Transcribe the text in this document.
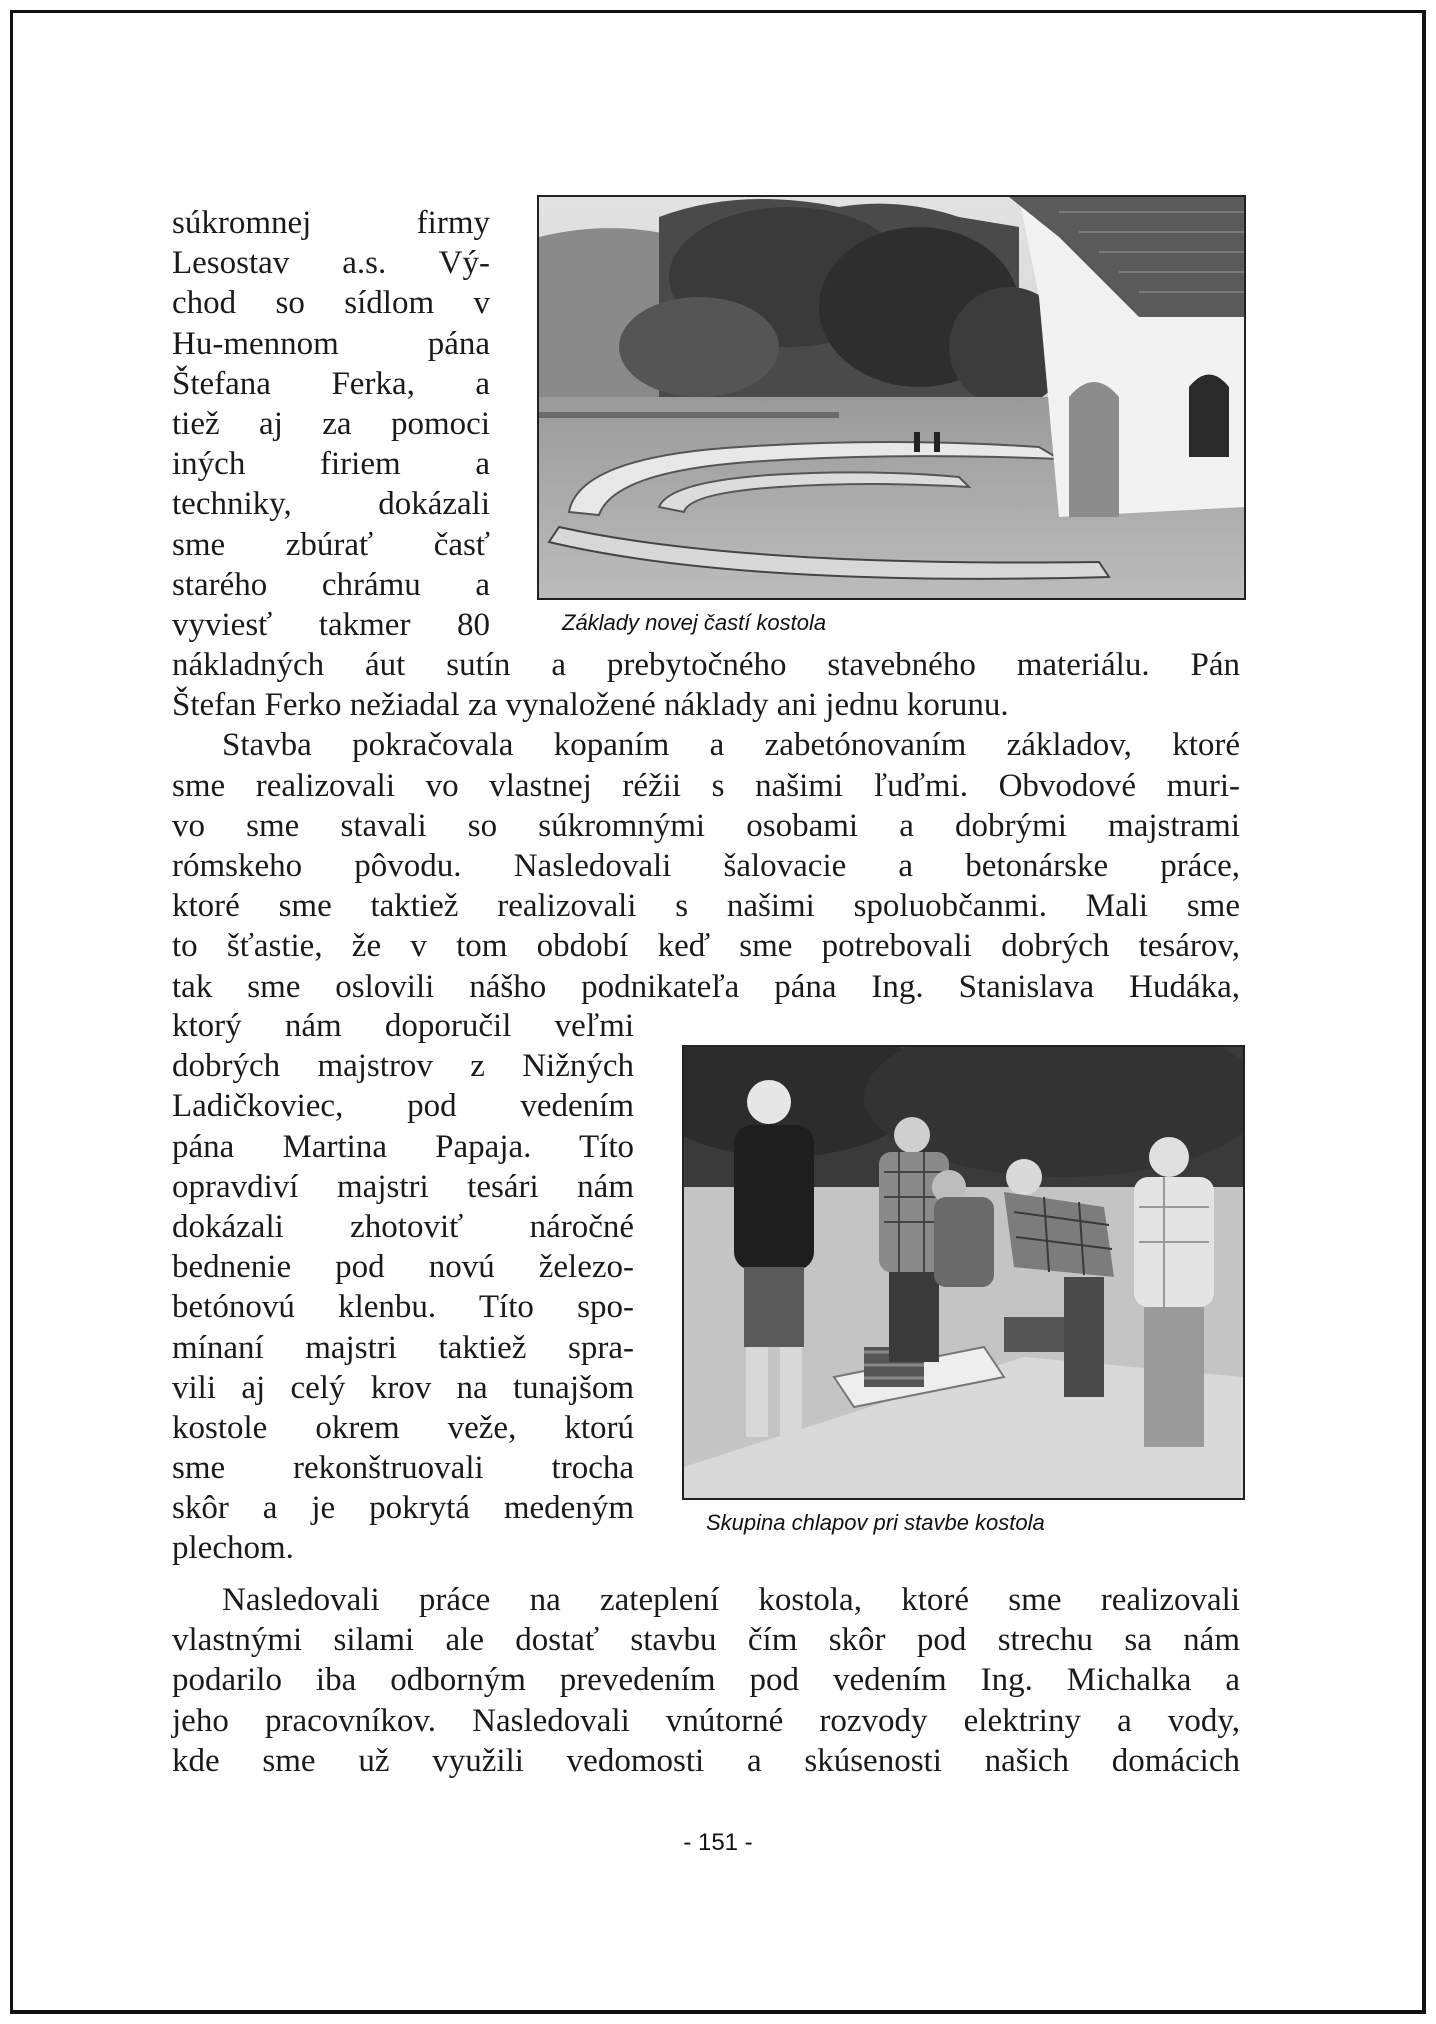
súkromnej firmy
Lesostav a.s. Vý-
chod so sídlom v
Hu-mennom pána
Štefana Ferka, a
tiež aj za pomoci
iných firiem a
techniky, dokázali
sme zbúrať časť
starého chrámu a
vyviesť takmer 80	Základy novej častí kostola
nákladných áut sutín a prebytočného stavebného materiálu. Pán
Štefan Ferko nežiadal za vynaložené náklady ani jednu korunu.
Stavba pokračovala kopaním a zabetónovaním základov, ktoré
sme realizovali vo vlastnej réžii s našimi ľuďmi. Obvodové muri-
vo sme stavali so súkromnými osobami a dobrými majstrami
rómskeho pôvodu. Nasledovali šalovacie a betonárske práce,
ktoré sme taktiež realizovali s našimi spoluobčanmi. Mali sme
to šťastie, že v tom období keď sme potrebovali dobrých tesárov,
tak sme oslovili nášho podnikateľa pána Ing. Stanislava Hudáka,
ktorý nám doporučil veľmi
dobrých majstrov z Nižných
Ladičkoviec, pod vedením
pána Martina Papaja. Títo
opravdiví majstri tesári nám
dokázali zhotoviť náročné
bednenie pod novú železo-
betónovú klenbu. Títo spo-
mínaní majstri taktiež spra-
vili aj celý krov na tunajšom
kostole okrem veže, ktorú
sme rekonštruovali trocha
skôr a je pokrytá medeným
plechom.
Skupina chlapov pri stavbe kostola
Nasledovali práce na zateplení kostola, ktoré sme realizovali
vlastnými silami ale dostať stavbu čím skôr pod strechu sa nám
podarilo iba odborným prevedením pod vedením Ing. Michalka a
jeho pracovníkov. Nasledovali vnútorné rozvody elektriny a vody,
kde sme už využili vedomosti a skúsenosti našich domácich
- 151 -
